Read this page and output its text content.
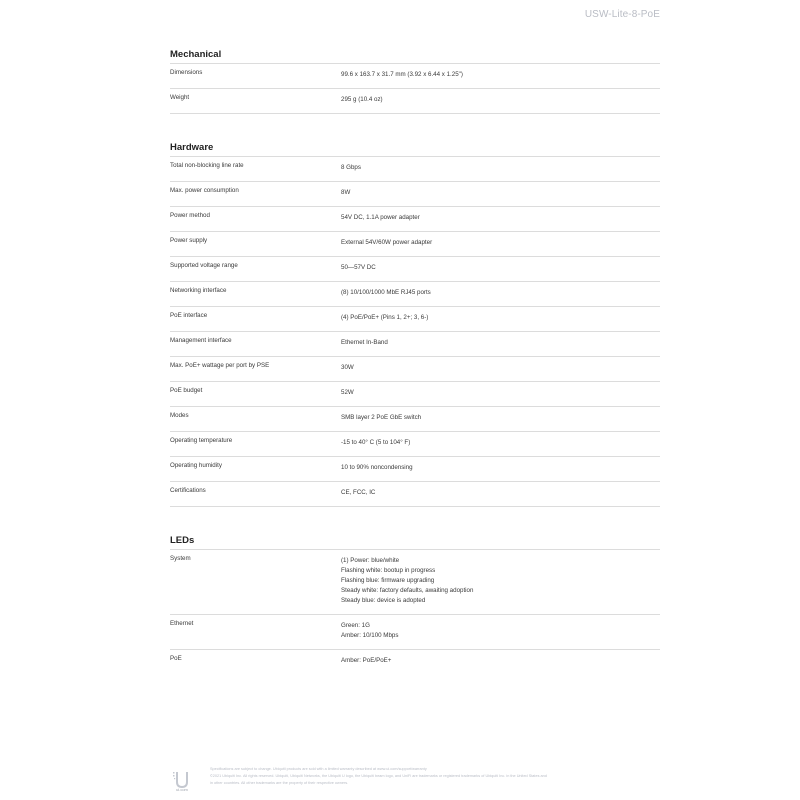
USW-Lite-8-PoE
Mechanical
Dimensions	99.6 x 163.7 x 31.7 mm (3.92 x 6.44 x 1.25")
Weight	295 g (10.4 oz)
Hardware
Total non-blocking line rate	8 Gbps
Max. power consumption	8W
Power method	54V DC, 1.1A power adapter
Power supply	External 54V/60W power adapter
Supported voltage range	50—57V DC
Networking interface	(8) 10/100/1000 MbE RJ45 ports
PoE interface	(4) PoE/PoE+ (Pins 1, 2+; 3, 6-)
Management interface	Ethernet In-Band
Max. PoE+ wattage per port by PSE	30W
PoE budget	52W
Modes	SMB layer 2 PoE GbE switch
Operating temperature	-15 to 40° C (5 to 104° F)
Operating humidity	10 to 90% noncondensing
Certifications	CE, FCC, IC
LEDs
System	(1) Power: blue/white
Flashing white: bootup in progress
Flashing blue: firmware upgrading
Steady white: factory defaults, awaiting adoption
Steady blue: device is adopted
Ethernet	Green: 1G
Amber: 10/100 Mbps
PoE	Amber: PoE/PoE+
ui.com
Specifications are subject to change. Ubiquiti products are sold with a limited warranty described at www.ui.com/support/warranty
©2021 Ubiquiti Inc. All rights reserved. Ubiquiti, Ubiquiti Networks, the Ubiquiti U logo, the Ubiquiti beam logo, and UniFi are trademarks or registered trademarks of Ubiquiti Inc. in the United States and
in other countries. All other trademarks are the property of their respective owners.
